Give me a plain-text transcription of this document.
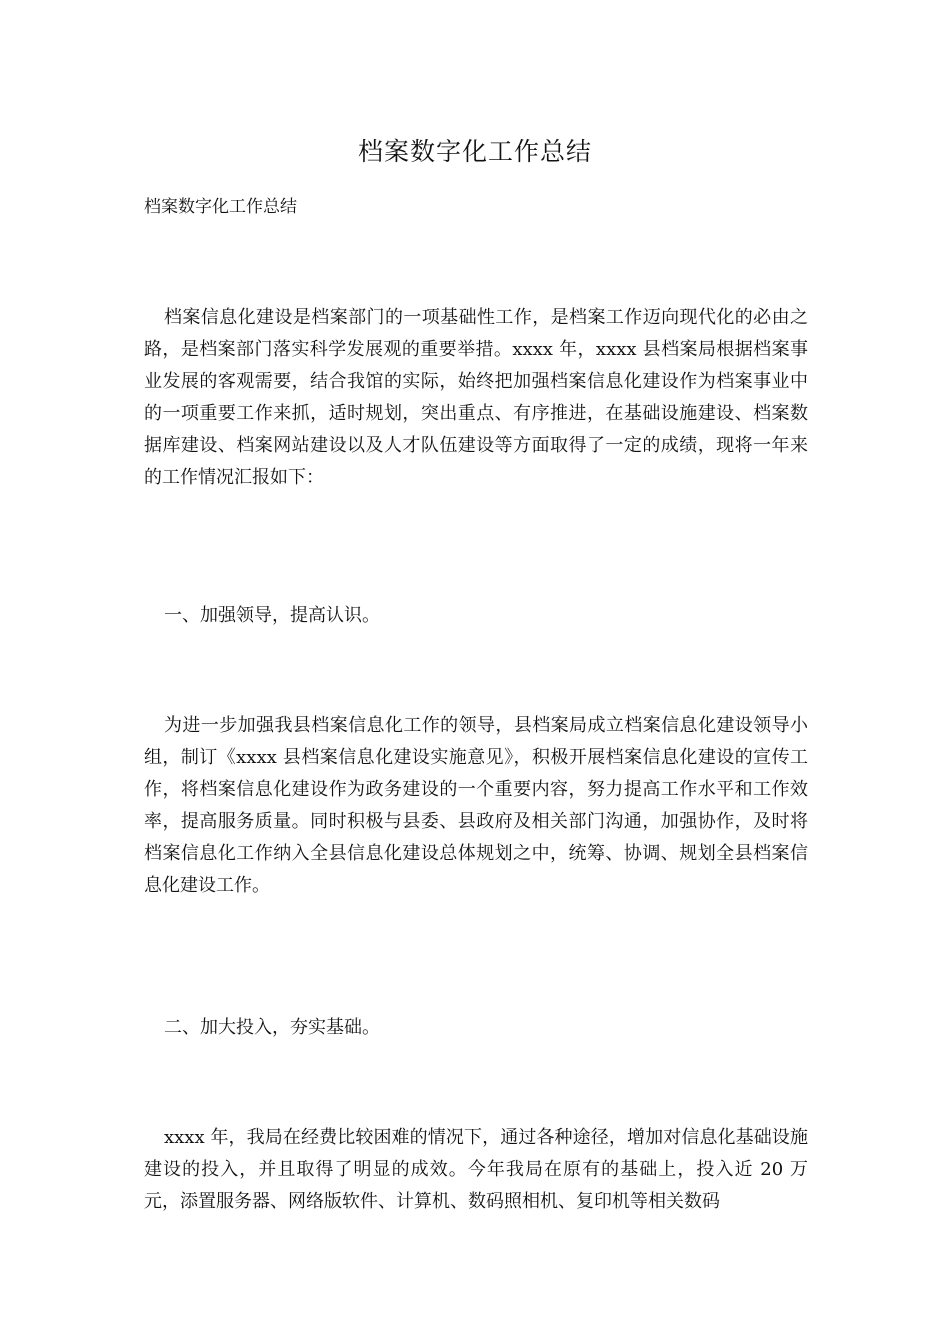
档案数字化工作总结
档案数字化工作总结

档案信息化建设是档案部门的一项基础性工作，是档案工作迈向现代化的必由之路，是档案部门落实科学发展观的重要举措。xxxx 年，xxxx 县档案局根据档案事业发展的客观需要，结合我馆的实际，始终把加强档案信息化建设作为档案事业中的一项重要工作来抓，适时规划，突出重点、有序推进，在基础设施建设、档案数据库建设、档案网站建设以及人才队伍建设等方面取得了一定的成绩，现将一年来的工作情况汇报如下：

一、加强领导，提高认识。

为进一步加强我县档案信息化工作的领导，县档案局成立档案信息化建设领导小组，制订《xxxx 县档案信息化建设实施意见》，积极开展档案信息化建设的宣传工作，将档案信息化建设作为政务建设的一个重要内容，努力提高工作水平和工作效率，提高服务质量。同时积极与县委、县政府及相关部门沟通，加强协作，及时将档案信息化工作纳入全县信息化建设总体规划之中，统筹、协调、规划全县档案信息化建设工作。

二、加大投入，夯实基础。

xxxx 年，我局在经费比较困难的情况下，通过各种途径，增加对信息化基础设施建设的投入，并且取得了明显的成效。今年我局在原有的基础上，投入近 20 万元，添置服务器、网络版软件、计算机、数码照相机、复印机等相关数码
